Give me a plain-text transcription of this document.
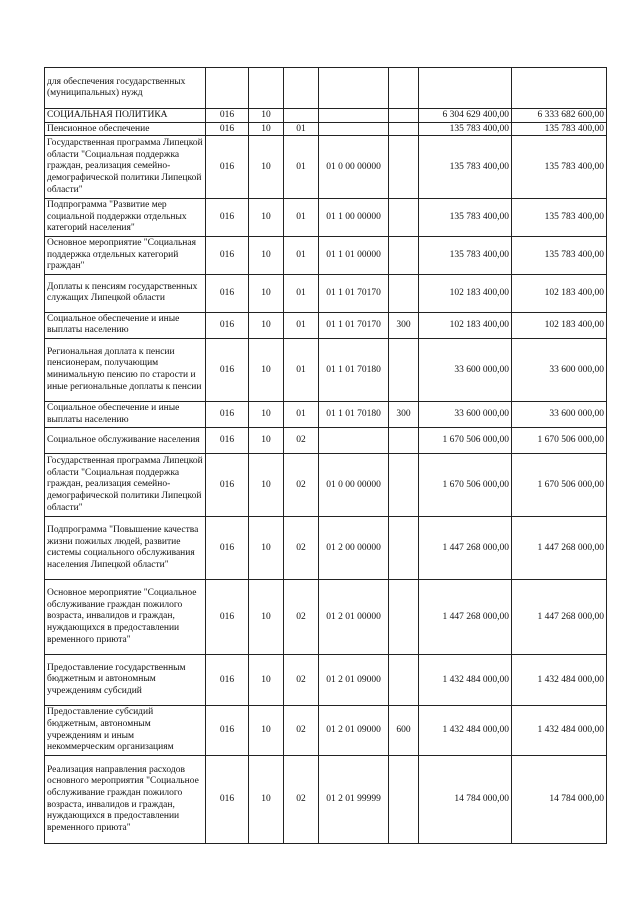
для обеспечения государственных (муниципальных) нужд							
СОЦИАЛЬНАЯ ПОЛИТИКА	016	10				6 304 629 400,00	6 333 682 600,00
Пенсионное обеспечение	016	10	01			135 783 400,00	135 783 400,00
Государственная программа Липецкой области "Социальная поддержка граждан, реализация семейно-демографической политики Липецкой области"	016	10	01	01 0 00 00000		135 783 400,00	135 783 400,00
Подпрограмма "Развитие мер социальной поддержки отдельных категорий населения"	016	10	01	01 1 00 00000		135 783 400,00	135 783 400,00
Основное мероприятие "Социальная поддержка отдельных категорий граждан"	016	10	01	01 1 01 00000		135 783 400,00	135 783 400,00
Доплаты к пенсиям государственных служащих Липецкой области	016	10	01	01 1 01 70170		102 183 400,00	102 183 400,00
Социальное обеспечение и иные выплаты населению	016	10	01	01 1 01 70170	300	102 183 400,00	102 183 400,00
Региональная доплата к пенсии пенсионерам, получающим минимальную пенсию по старости и иные региональные доплаты к пенсии	016	10	01	01 1 01 70180		33 600 000,00	33 600 000,00
Социальное обеспечение и иные выплаты населению	016	10	01	01 1 01 70180	300	33 600 000,00	33 600 000,00
Социальное обслуживание населения	016	10	02			1 670 506 000,00	1 670 506 000,00
Государственная программа Липецкой области "Социальная поддержка граждан, реализация семейно-демографической политики Липецкой области"	016	10	02	01 0 00 00000		1 670 506 000,00	1 670 506 000,00
Подпрограмма "Повышение качества жизни пожилых людей, развитие системы социального обслуживания населения Липецкой области"	016	10	02	01 2 00 00000		1 447 268 000,00	1 447 268 000,00
Основное мероприятие "Социальное обслуживание граждан пожилого возраста, инвалидов и граждан, нуждающихся в предоставлении временного приюта"	016	10	02	01 2 01 00000		1 447 268 000,00	1 447 268 000,00
Предоставление государственным бюджетным и автономным учреждениям субсидий	016	10	02	01 2 01 09000		1 432 484 000,00	1 432 484 000,00
Предоставление субсидий бюджетным, автономным учреждениям и иным некоммерческим организациям	016	10	02	01 2 01 09000	600	1 432 484 000,00	1 432 484 000,00
Реализация направления расходов основного мероприятия "Социальное обслуживание граждан пожилого возраста, инвалидов и граждан, нуждающихся в предоставлении временного приюта"	016	10	02	01 2 01 99999		14 784 000,00	14 784 000,00
